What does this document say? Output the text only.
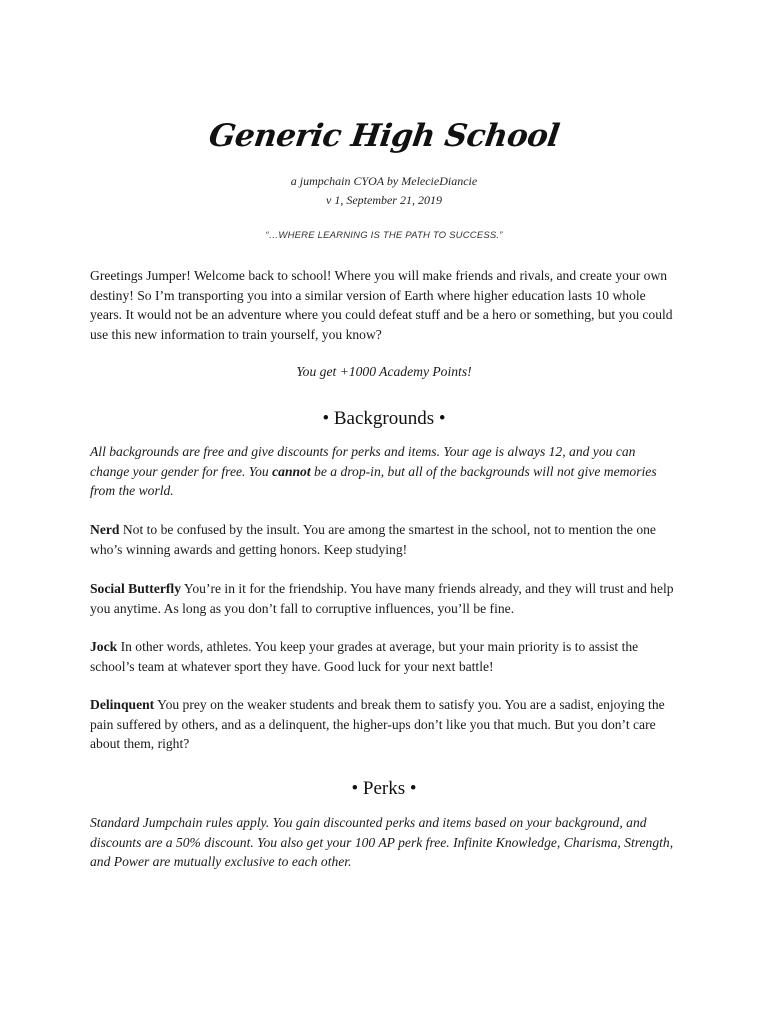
Generic High School
a jumpchain CYOA by MelecieDiancie
v 1, September 21, 2019
“…WHERE LEARNING IS THE PATH TO SUCCESS.”
Greetings Jumper! Welcome back to school! Where you will make friends and rivals, and create your own destiny! So I’m transporting you into a similar version of Earth where higher education lasts 10 whole years. It would not be an adventure where you could defeat stuff and be a hero or something, but you could use this new information to train yourself, you know?
You get +1000 Academy Points!
• Backgrounds •
All backgrounds are free and give discounts for perks and items. Your age is always 12, and you can change your gender for free. You cannot be a drop-in, but all of the backgrounds will not give memories from the world.
Nerd Not to be confused by the insult. You are among the smartest in the school, not to mention the one who’s winning awards and getting honors. Keep studying!
Social Butterfly You’re in it for the friendship. You have many friends already, and they will trust and help you anytime. As long as you don’t fall to corruptive influences, you’ll be fine.
Jock In other words, athletes. You keep your grades at average, but your main priority is to assist the school’s team at whatever sport they have. Good luck for your next battle!
Delinquent You prey on the weaker students and break them to satisfy you. You are a sadist, enjoying the pain suffered by others, and as a delinquent, the higher-ups don’t like you that much. But you don’t care about them, right?
• Perks •
Standard Jumpchain rules apply. You gain discounted perks and items based on your background, and discounts are a 50% discount. You also get your 100 AP perk free. Infinite Knowledge, Charisma, Strength, and Power are mutually exclusive to each other.
